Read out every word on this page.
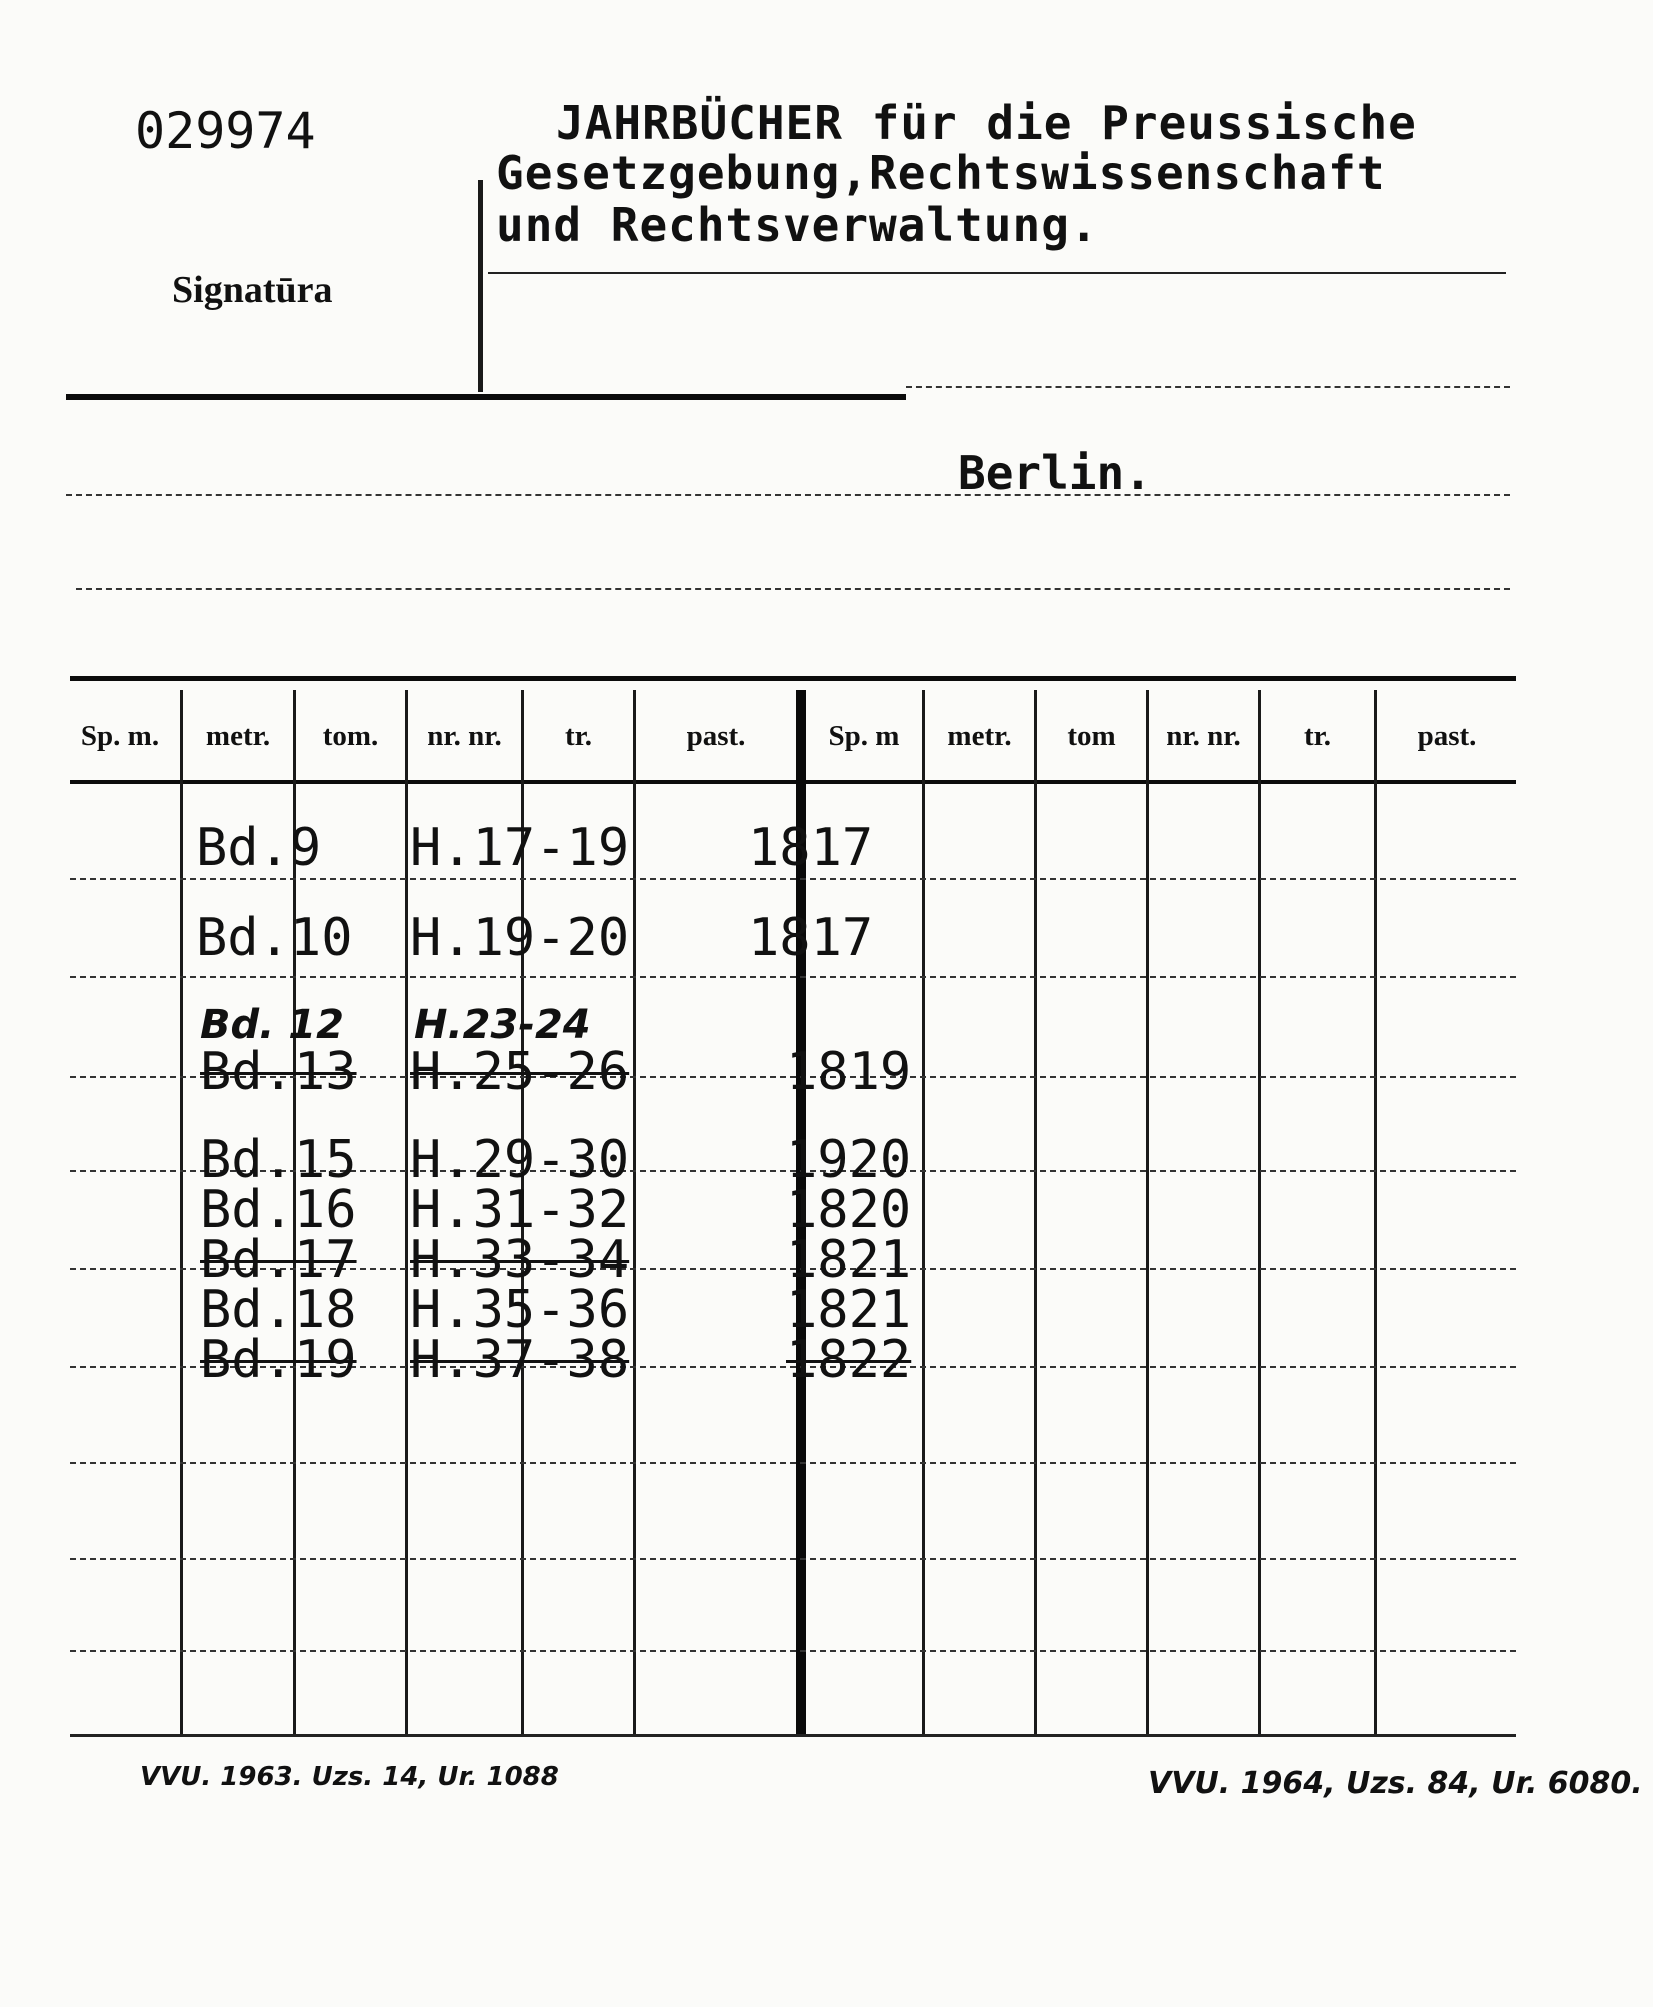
029974
Signatūra
JAHRBÜCHER für die Preussische
Gesetzgebung,Rechtswissenschaft
und Rechtsverwaltung.
Berlin.
Sp. m.	metr.	tom.	nr. nr.	tr.	past.	Sp. m	metr.	tom	nr. nr.	tr.	past.
Bd.9 H.17-19 1817
Bd.10 H.19-20 1817
Bd. 12 H.23-24
Bd.13 H.25-26	1819
Bd.15 H.29-30	1920
Bd.16 H.31-32	1820
Bd.17 H.33-34	1821
Bd.18 H.35-36	1821
Bd.19 H.37-38	1822
VVU. 1963. Uzs. 14, Ur. 1088	VVU. 1964, Uzs. 84, Ur. 6080.
